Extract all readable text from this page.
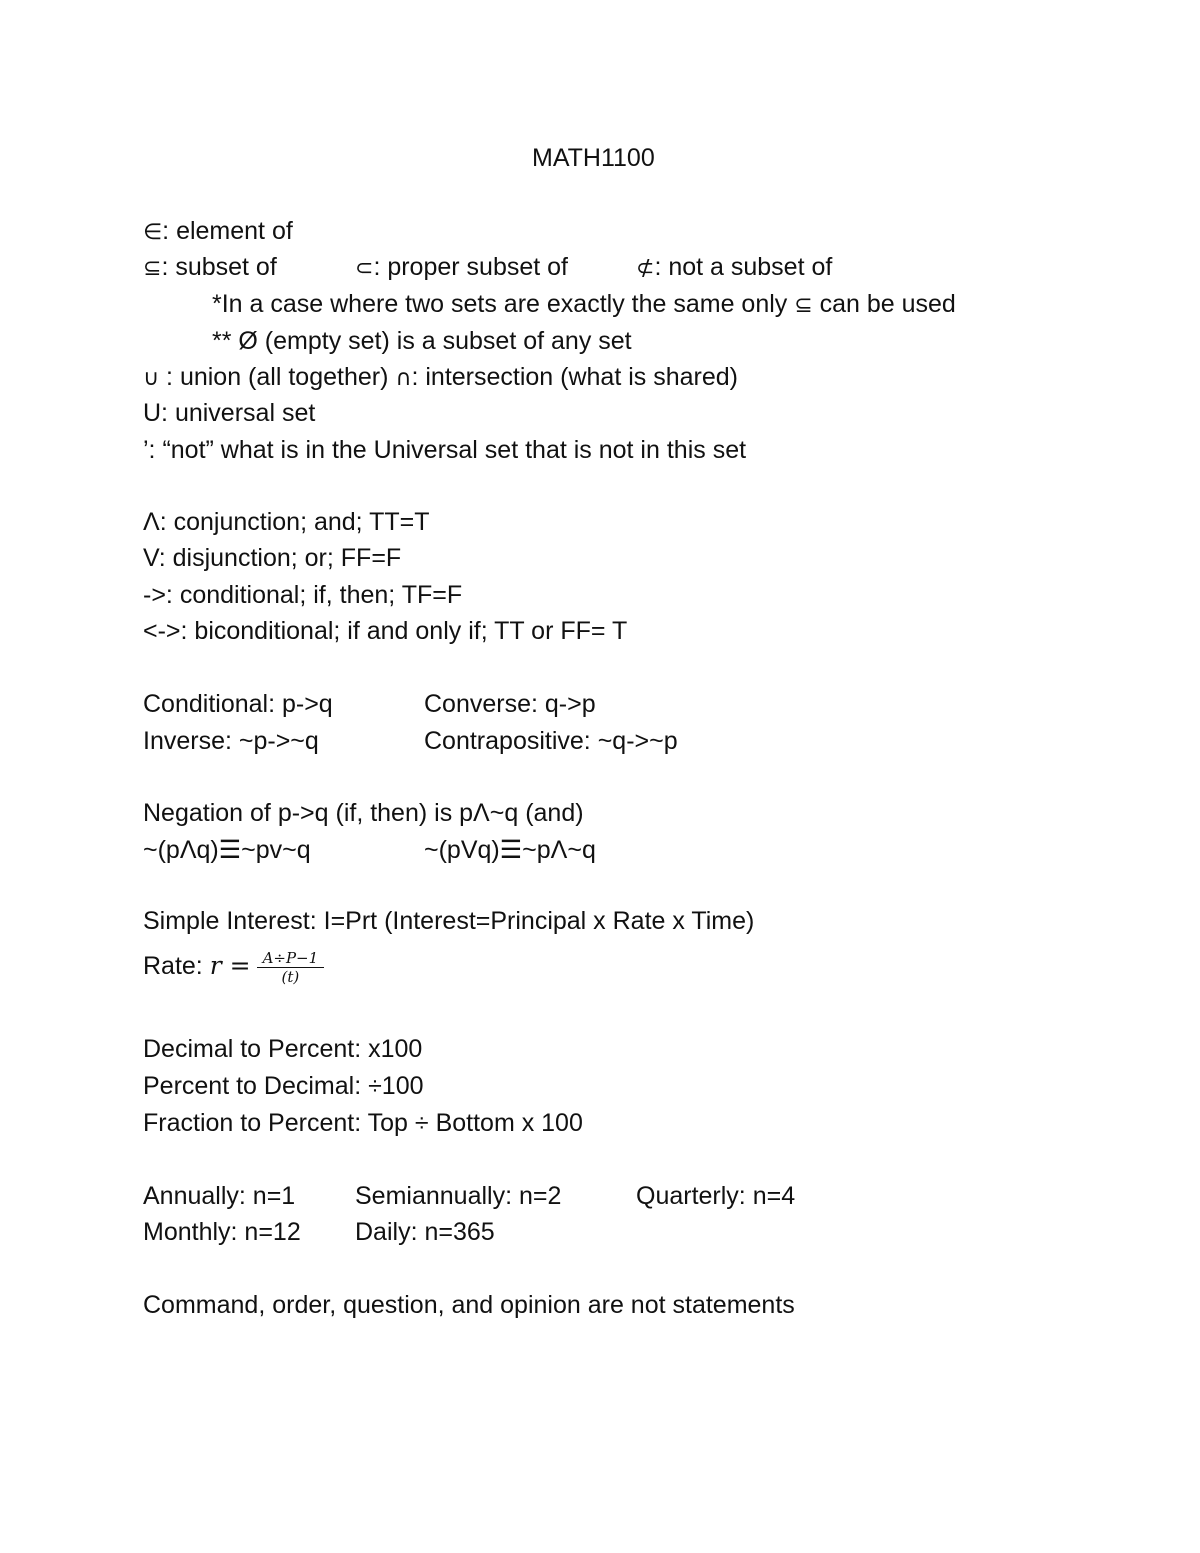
MATH1100
∈: element of
⊆: subset of	⊂: proper subset of	⊄: not a subset of
*In a case where two sets are exactly the same only ⊆ can be used
** Ø (empty set) is a subset of any set
∪ : union (all together) ∩: intersection (what is shared)
U: universal set
’: “not” what is in the Universal set that is not in this set
Λ: conjunction; and; TT=T
V: disjunction; or; FF=F
->: conditional; if, then; TF=F
<->: biconditional; if and only if; TT or FF= T
Conditional: p->q	Converse: q->p
Inverse: ~p->~q	Contrapositive: ~q->~p
Negation of p->q (if, then) is pΛ~q (and)
~(pΛq)☰~pv~q	~(pVq)☰~pΛ~q
Simple Interest: I=Prt (Interest=Principal x Rate x Time)
Rate: $r = \frac{A\div P-1}{(t)}$
Decimal to Percent: x100
Percent to Decimal: ÷100
Fraction to Percent: Top ÷ Bottom x 100
Annually: n=1 Semiannually: n=2	Quarterly: n=4
Monthly: n=12 Daily: n=365
Command, order, question, and opinion are not statements
